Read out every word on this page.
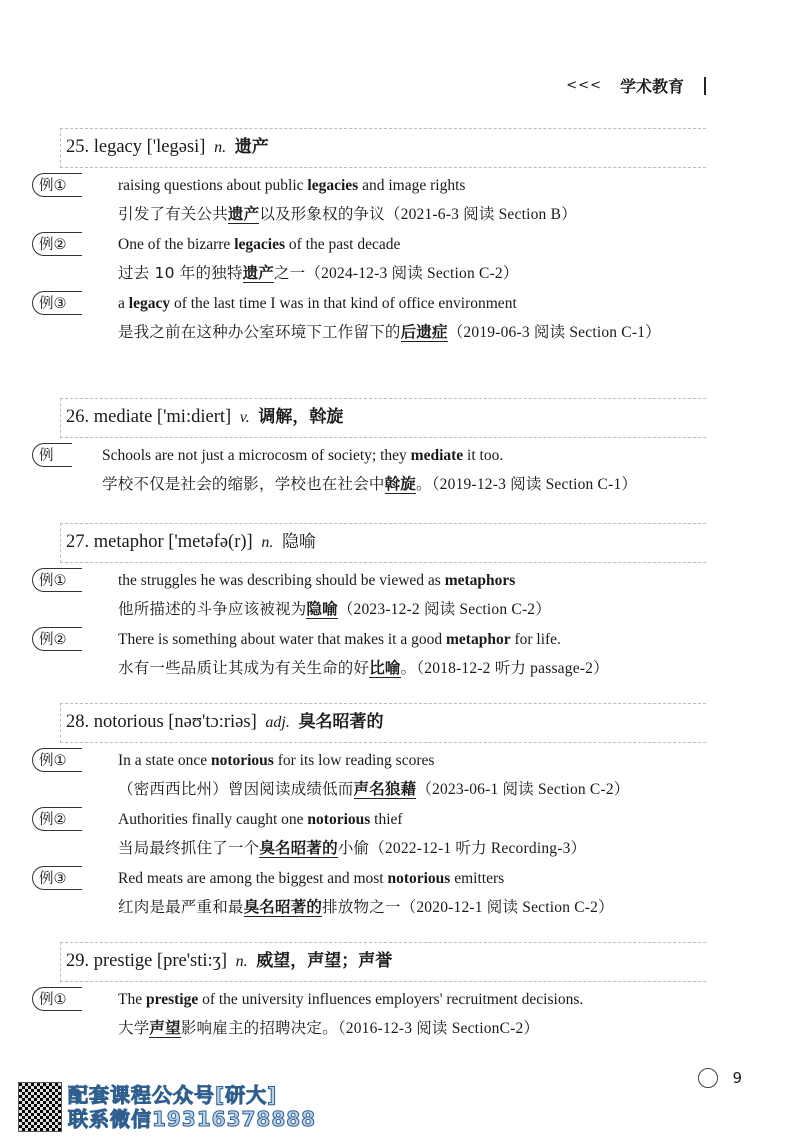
<<< 学术教育
25. legacy ['legəsi] n. 遗产
例①	raising questions about public legacies and image rights
引发了有关公共遗产以及形象权的争议（2021-6-3 阅读 Section B）
例②	One of the bizarre legacies of the past decade
过去 10 年的独特遗产之一（2024-12-3 阅读 Section C-2）
例③	a legacy of the last time I was in that kind of office environment
是我之前在这种办公室环境下工作留下的后遗症（2019-06-3 阅读 Section C-1）
26. mediate ['mi:diert] v. 调解，斡旋
例	Schools are not just a microcosm of society; they mediate it too.
学校不仅是社会的缩影，学校也在社会中斡旋。（2019-12-3 阅读 Section C-1）
27. metaphor ['metəfə(r)] n. 隐喻
例①	the struggles he was describing should be viewed as metaphors
他所描述的斗争应该被视为隐喻（2023-12-2 阅读 Section C-2）
例②	There is something about water that makes it a good metaphor for life.
水有一些品质让其成为有关生命的好比喻。（2018-12-2 听力 passage-2）
28. notorious [nəʊ'tɔ:riəs] adj. 臭名昭著的
例①	In a state once notorious for its low reading scores
（密西西比州）曾因阅读成绩低而声名狼藉（2023-06-1 阅读 Section C-2）
例②	Authorities finally caught one notorious thief
当局最终抓住了一个臭名昭著的小偷（2022-12-1 听力 Recording-3）
例③	Red meats are among the biggest and most notorious emitters
红肉是最严重和最臭名昭著的排放物之一（2020-12-1 阅读 Section C-2）
29. prestige [pre'sti:ʒ] n. 威望，声望；声誉
例①	The prestige of the university influences employers' recruitment decisions.
大学声望影响雇主的招聘决定。（2016-12-3 阅读 SectionC-2）
9
配套课程公众号[研大]
联系微信19316378888
